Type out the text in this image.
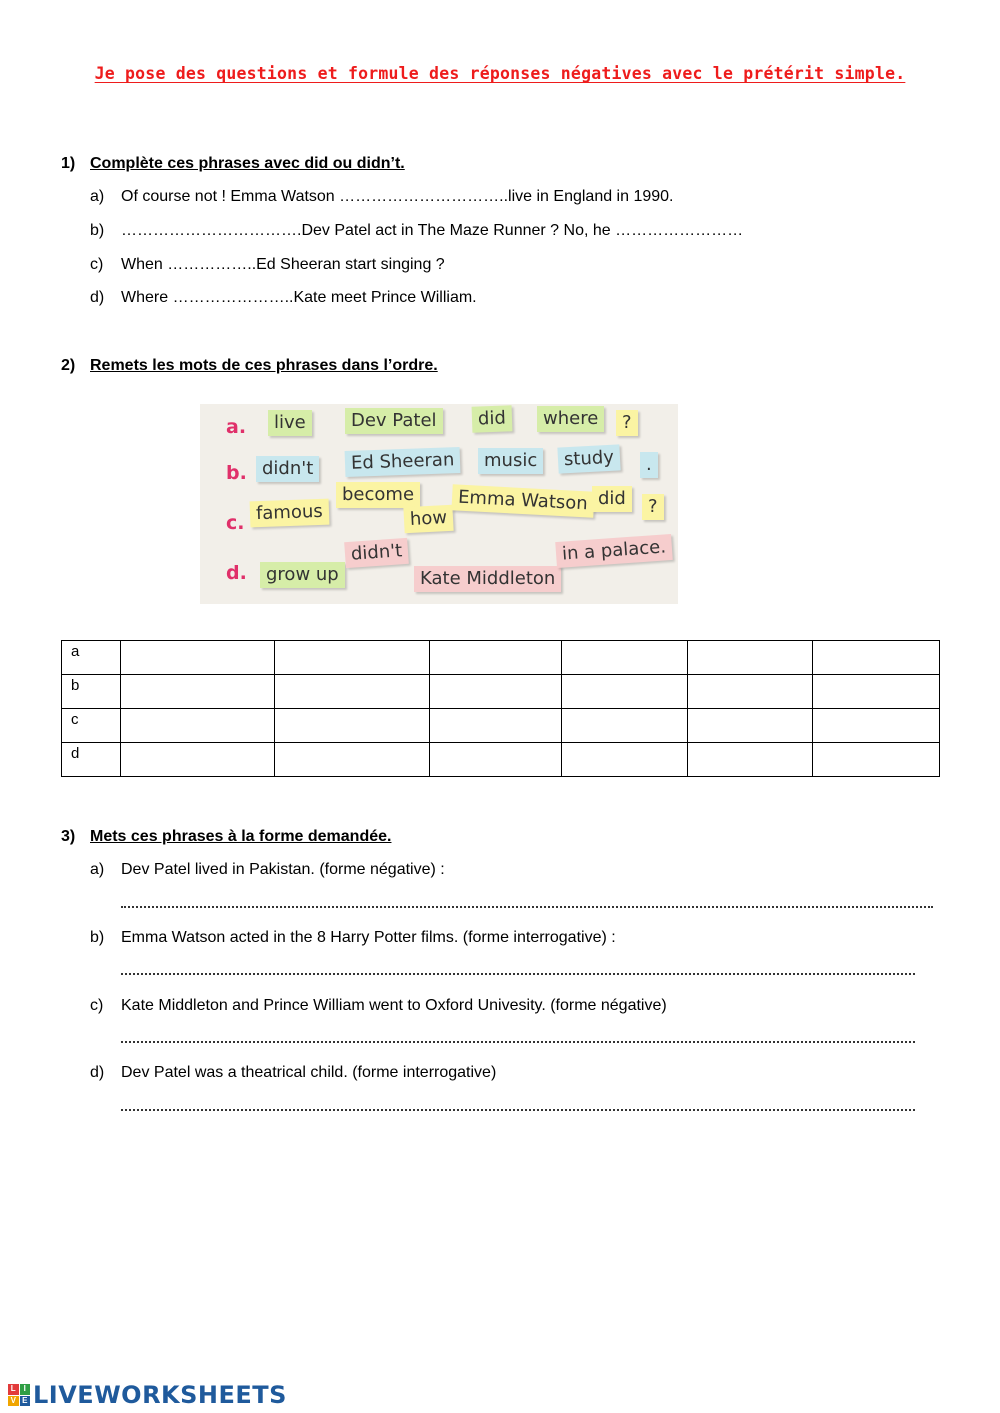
Je pose des questions et formule des réponses négatives avec le prétérit simple.
1) Complète ces phrases avec did ou didn’t.
a) Of course not ! Emma Watson …………………………..live in England in 1990.
b) …………………………….Dev Patel act in The Maze Runner ? No, he ……………………
c) When ……………..Ed Sheeran start singing ?
d) Where …………………..Kate meet Prince William.
2) Remets les mots de ces phrases dans l’ordre.
a.
b.
c.
d.
live	Dev Patel	did	where	?
didn't	Ed Sheeran	music	study	.
famous
become
how
Emma Watson did	?
grow up
didn't
Kate Middleton
in a palace.
a						
b						
c						
d						
3) Mets ces phrases à la forme demandée.
a) Dev Patel lived in Pakistan. (forme négative) :
b) Emma Watson acted in the 8 Harry Potter films. (forme interrogative) :
c) Kate Middleton and Prince William went to Oxford Univesity. (forme négative)
d) Dev Patel was a theatrical child. (forme interrogative)
L I
V E LIVEWORKSHEETS
